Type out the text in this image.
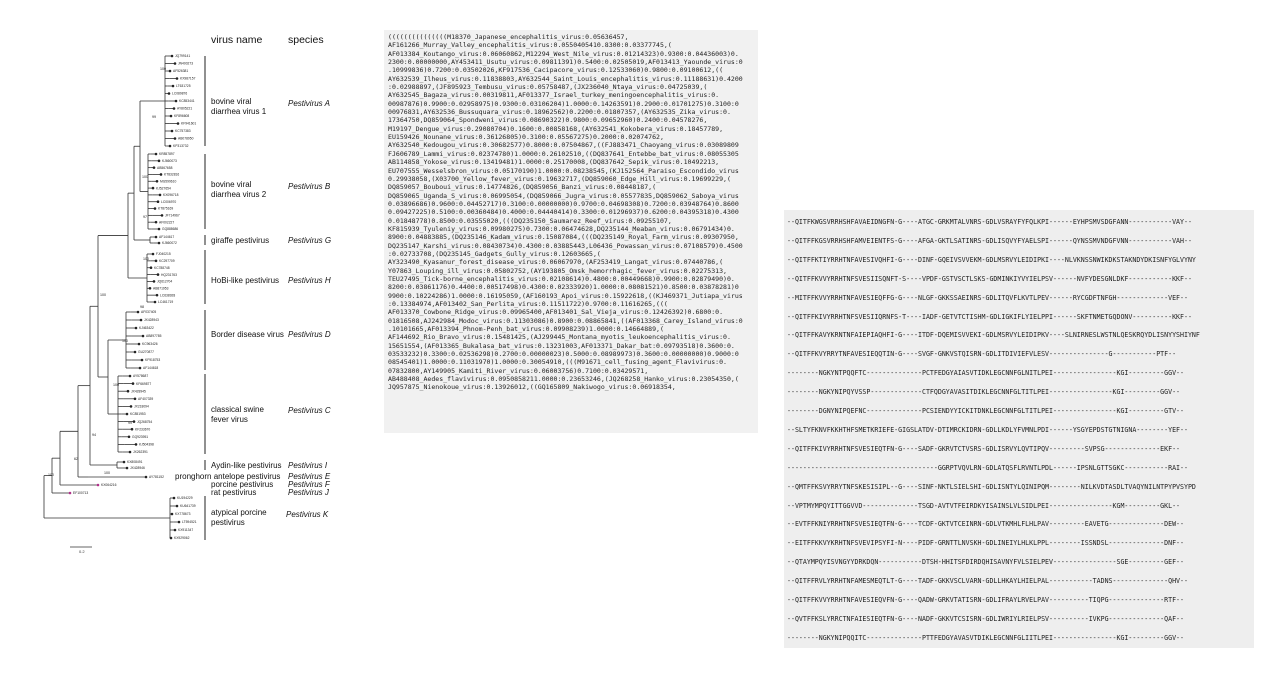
JQ799141
JN400273
AF526381
KX987157
LT631725
LC089876
KC853441
AY805221
KF896608
KF941601
KC757383
AB078950
KP313732
KR857897
KJ660073
AB567658
KT832816
MG599610
KJ527654
KX096718
LC006970
KT875169
JF714967
AF002227
GQ888686
AF144617
KJ660072
FJ040215
KC297709
KC788748
HQ231763
JQ612704
AB871953
LC638928
LC461719
AF037405
JX428943
KJ463422
AB897785
KC963426
GU270877
KF918753
AF144618
AY578687
KF669877
JX428945
AF407339
JX218094
KC851953
JQ268754
KF233670
GQ923951
KJ504398
JX262391
KX808491
JX428946
AY781152
KX064216
EF100713
KU194229
KU641739
KX778673
LT594521
KX911347
KX929062
100
99
100
97
100
98
100
100
99
100
94
62
100
100
0.2
virus name species
bovine viral
diarrhea virus 1
Pestivirus A
bovine viral
diarrhea virus 2
Pestivirus B
giraffe pestivirus Pestivirus G
HoBi-like pestivirus Pestivirus H
Border disease virus Pestivirus D
classical swine
fever virus
Pestivirus C
Aydin-like pestivirus Pestivirus I
pronghorn antelope pestivirus Pestivirus E
porcine pestivirus Pestivirus F
rat pestivirus	Pestivirus J
atypical porcine
pestivirus
Pestivirus K
(((((((((((((((M18370_Japanese_encephalitis_virus:0.05636457,
AF161266_Murray_Valley_encephalitis_virus:0.0550405410.8300:0.03377745,(
AF013384_Koutango_virus:0.06060862,M12294_West_Nile_virus:0.01214323)0.9300:0.04436003)0.
2300:0.00000000,AY453411_Usutu_virus:0.09811391)0.5400:0.02505019,AF013413_Yaounde_virus:0
.10999836)0.7200:0.03502026,KF917536_Cacipacore_virus:0.12533060)0.9800:0.09100612,((
AY632539_Ilheus_virus:0.11838803,AY632544_Saint_Louis_encephalitis_virus:0.11188631)0.4200
:0.02988897,(JF895923_Tembusu_virus:0.05758487,(JX236040_Ntaya_virus:0.04725039,(
AY632545_Bagaza_virus:0.00319811,AF013377_Israel_turkey_meningoencephalitis_virus:0.
00987876)0.9900:0.02958975)0.9300:0.03106204)1.0000:0.14263591)0.2900:0.01701275)0.3100:0
00976831,AY632536_Bussuquara_virus:0.18962562)0.2200:0.01807357,(AY632535_Zika_virus:0.
17364750,DQ859064_Spondweni_virus:0.08690322)0.9800:0.09652960)0.2400:0.04578276,
M19197_Dengue_virus:0.29080704)0.1600:0.00858168,(AY632541_Kokobera_virus:0.18457789,
EU159426_Nounane_virus:0.36126805)0.3100:0.05567275)0.2000:0.02074762,
AY632540_Kedougou_virus:0.30682577)0.8000:0.07504867,((FJ883471_Chaoyang_virus:0.03089809
FJ606789_Lammi_virus:0.02374780)1.0000:0.26102510,((DQ837641_Entebbe_bat_virus:0.08055305
AB114858_Yokose_virus:0.13419481)1.0000:0.25170008,(DQ837642_Sepik_virus:0.10492213,
EU707555_Wesselsbron_virus:0.05170190)1.0000:0.08238545,(KJ152564_Paraiso_Escondido_virus
0.29938058,(X03700_Yellow_fever_virus:0.19632717,(DQ859060_Edge_Hill_virus:0.19699229,(
DQ859057_Bouboui_virus:0.14774826,(DQ859056_Banzi_virus:0.08448187,(
DQ859065_Uganda_S_virus:0.06995054,(DQ859066_Jugra_virus:0.05577835,DQ859062_Saboya_virus
0.03896686)0.9600:0.04452717)0.3100:0.00000000)0.9700:0.04698308)0.7200:0.03948764)0.8600
0.09427225)0.5100:0.00360484)0.4000:0.04440414)0.3300:0.01296937)0.6200:0.04395318)0.4300
0.01848778)0.8500:0.03555020,(((DQ235150_Saumarez_Reef_virus:0.09255107,
KF815939_Tyuleniy_virus:0.09980275)0.7300:0.06474628,DQ235144_Meaban_virus:0.06791434)0.
8900:0.04883885,(DQ235146_Kadam_virus:0.15087084,(((DQ235149_Royal_Farm_virus:0.09307950,
DQ235147_Karshi_virus:0.08430734)0.4300:0.03885443,L06436_Powassan_virus:0.07108579)0.4500
:0.02733708,(DQ235145_Gadgets_Gully_virus:0.12603665,(
AY323490_Kyasanur_forest_disease_virus:0.06067970,(AF253419_Langat_virus:0.07440786,(
Y07863_Louping_ill_virus:0.05802752,(AY193805_Omsk_hemorrhagic_fever_virus:0.02275313,
TEU27495_Tick-borne_encephalitis_virus:0.02108614)0.4800:0.00449668)0.9900:0.02879490)0.
8200:0.03861176)0.4400:0.00517498)0.4300:0.02333920)1.0000:0.08081521)0.8500:0.03878281)0
9900:0.10224286)1.0000:0.16195059,(AF160193_Apoi_virus:0.15922618,((KJ469371_Jutiapa_virus
:0.13384974,AF013402_San_Perlita_virus:0.11511722)0.9700:0.11616265,(((
AF013370_Cowbone_Ridge_virus:0.09965400,AF013401_Sal_Vieja_virus:0.12426392)0.6800:0.
01816508,AJ242984_Modoc_virus:0.11303086)0.8900:0.08865841,((AF013368_Carey_Island_virus:0
.10101665,AF013394_Phnom-Penh_bat_virus:0.09908239)1.0000:0.14664889,(
AF144692_Rio_Bravo_virus:0.15481425,(AJ299445_Montana_myotis_leukoencephalitis_virus:0.
15651554,(AF013365_Bukalasa_bat_virus:0.13231003,AF013371_Dakar_bat:0.09793518)0.3600:0.
03533232)0.3300:0.02536298)0.2700:0.00000023)0.5000:0.08989973)0.3600:0.00000000)0.9000:0
08545401)1.0000:0.11031970)1.0000:0.30054910,(((M91671_cell_fusing_agent_Flavivirus:0.
07832800,AY149905_Kamiti_River_virus:0.06003756)0.7100:0.03429571,
AB488408_Aedes_flavivirus:0.0950858211.0000:0.23653246,(JQ268258_Hanko_virus:0.23054350,(
JQ957875_Nienokoue_virus:0.13926012,((GQ165809_Nakiwogo_virus:0.06918354,
--QITFKWGSVRRHSHFAVAEIDNGFN-G----ATGC-GRKMTALVNRS-GDLVSRAYFYFQLKPI------EYHPSMVSDGFANN-----------VAY--
--QITFFKGSVRRHSHFAMVEIENTFS-G----AFGA-GKTLSATINRS-GDLISQVYFYAELSPI------QYNSSMVNDGFVNN-----------VAH--
--QITFFKTIYRRHTNFAVESIVQHFI-G----DINF-GQEIVSVVEKM-GDLMSRVYLEIDIPKI----NLVKNSSNWIKDKSTAKNDYDKISNFYGLVYNY
--QITFFKVVYRRHTNFSVESIISQNFT-S----VPDF-GSTVSCTLSKS-GDMINKIYVYIELPSV------NVFYDESGNLDKF-----------KKF--
--MITFFKVVYRRHTNFAVESIEQFFG-G----NLGF-GKKSSAEINRS-GDLITQVFLKVTLPEV------RYCGDFTNFGH-------------VEF--
--QITFFKIVYRRHTNFSVESIIQRNFS-T----IADF-GETVTCTISHM-GDLIGKIFLYIELPPI------SKFTNMETGQDONV----------KKF--
--QITFFKAVYKRNTNFAIEPIAQHFI-G----ITDF-DQEMISVVEKI-GDLMSRVYLEIDIPKV----SLNIRNESLWSTNLQESKRQYDLISNYYSHIYNF
--QITFFKVYRRYTNFAVESIEQQTIN-G----SVGF-GNKVSTQISRN-GDLITDIVIEFVLESV---------------G-----------PTF--
--------NGKYNTPQQFTC--------------PCTFEDGYAIASVTIDKLEGCNNFGLNITLPEI----------------KGI---------GGV--
--------NGKYNIPQYVSSP-------------CTFQDGYAVASITDIKLEGCNNFGLTITLPEI----------------KGI---------GGV--
--------DGNYNIPQEFNC--------------PCSIENDYYICKITDNKLEGCNNFGLTITLPEI----------------KGI---------GTV--
--SLTYFKNVFKKHTHFSMETKRIEFE-GIGSLATDV-DTIMRCKIDRN-GDLLKDLYFVMNLPDI------YSGYEPDSTGTNIGNA--------YEF--
--QITFFKIVYRRHTNFSVESIEQTFN-G----SADF-GKRVTCTVSRS-GDLISRVYLQVTIPQV---------SVPSG--------------EKF--
--------------------------------------GGRPTVQVLRN-GDLATQSFLRVNTLPDL------IPSNLGTTSGKC-----------RAI--
--QMTFFKSVYRRYTNFSKESISIPL--G----SINF-NKTLSIELSHI-GDLISNTYLQINIPQM--------NILKVDTASDLTVAQYNILNTPYPVSYPD
--VPTMYMPQYITTGGVVD--------------TSGD-AVTVTFEIRDKYISAINSLVLSIDLPEI----------------KGM---------GKL--
--EVTFFKNIYRRHTNFSVESIEQTFN-G----TCDF-GKTVTCEINRN-GDLVTKMHLFLHLPAV---------EAVETG--------------DEW--
--EITFFKKVYKRHTNFSVEVIPSYFI-N----PIDF-GRNTTLNVSKH-GDLINEIYLHLKLPPL--------ISSNDSL--------------DNF--
--QTAYMPQYISVNGYYDRKDQN-----------DTSH-HHITSFDIRDQHISAVNYFVLSIELPEV----------------SGE---------GEF--
--QITFFRVLYRRHTNFAMESMEQTLT-G----TADF-GKKVSCLVARN-GDLLHKAYLHIELPAL-----------TADNS--------------QHV--
--QITFFKVVYRRHTNFAVESIEQVFN-G----QADW-GRKVTATISRN-GDLIFRAYLRVELPAV----------TIQPG--------------RTF--
--QVTFFKSLYRRCTNFAIESIEQTFN-G----NADF-GKKVTCSISRN-GDLIWRIYLRIELPSV----------IVKPG--------------QAF--
--------NGKYNIPQQITC--------------PTTFEDGYAVASVTDIKLEGCNNFGLIITLPEI----------------KGI---------GGV--
